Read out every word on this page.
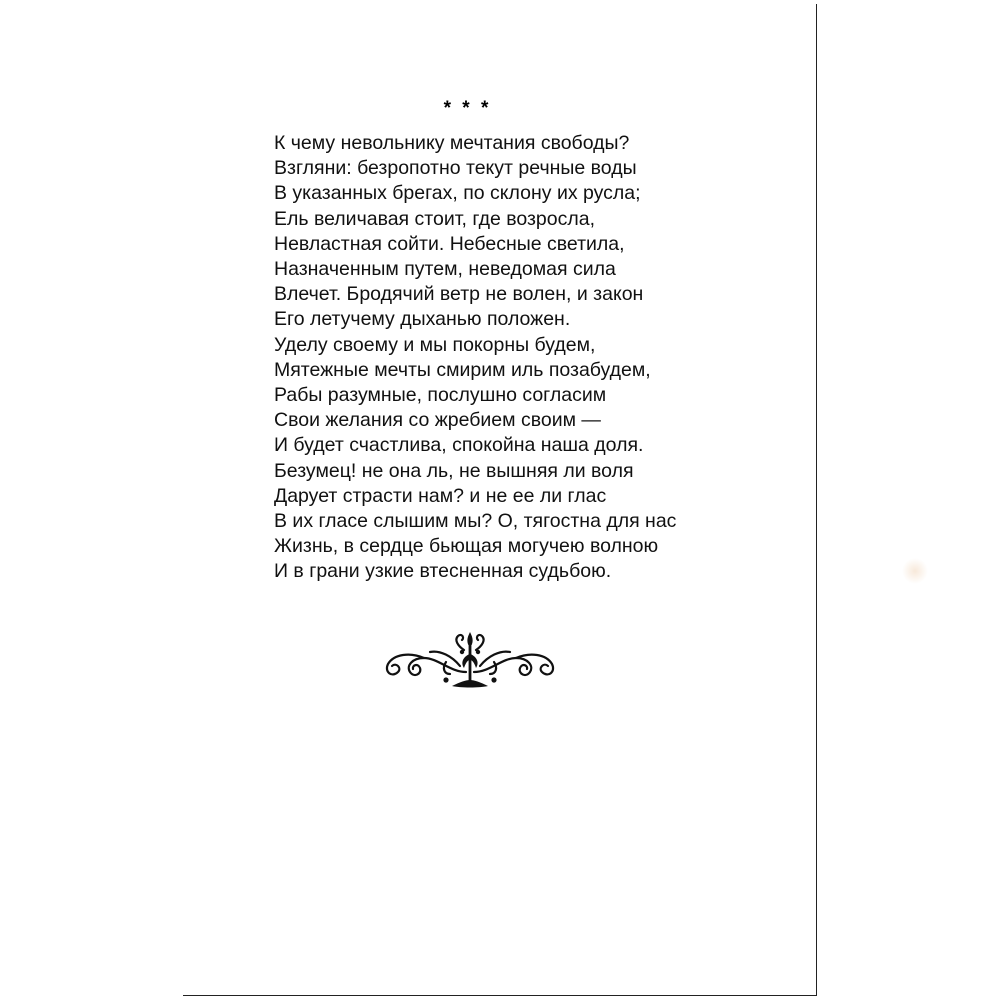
* * *
К чему невольнику мечтания свободы?
Взгляни: безропотно текут речные воды
В указанных брегах, по склону их русла;
Ель величавая стоит, где возросла,
Невластная сойти. Небесные светила,
Назначенным путем, неведомая сила
Влечет. Бродячий ветр не волен, и закон
Его летучему дыханью положен.
Уделу своему и мы покорны будем,
Мятежные мечты смирим иль позабудем,
Рабы разумные, послушно согласим
Свои желания со жребием своим —
И будет счастлива, спокойна наша доля.
Безумец! не она ль, не вышняя ли воля
Дарует страсти нам? и не ее ли глас
В их гласе слышим мы? О, тягостна для нас
Жизнь, в сердце бьющая могучею волною
И в грани узкие втесненная судьбою.
